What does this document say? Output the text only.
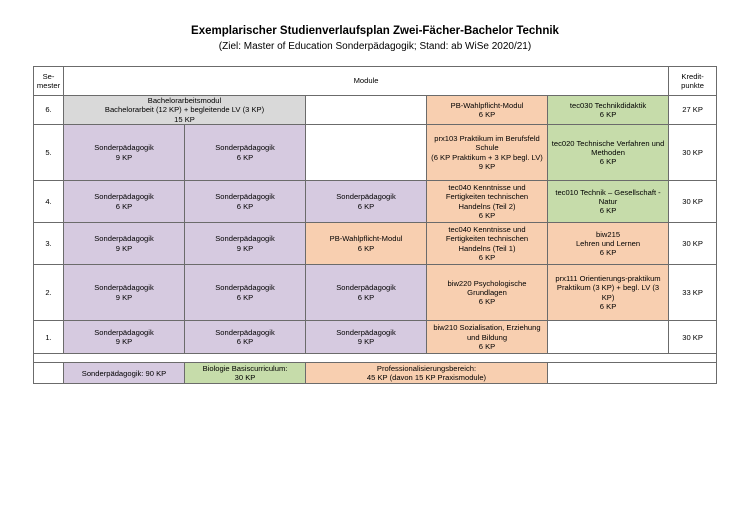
Exemplarischer Studienverlaufsplan Zwei-Fächer-Bachelor Technik
(Ziel: Master of Education Sonderpädagogik; Stand: ab WiSe 2020/21)
Se-
mester	Module					Kredit-
punkte

6.	Bachelorarbeitsmodul
Bachelorarbeit (12 KP) + begleitende LV (3 KP)
15 KP			PB-Wahlpflicht-Modul
6 KP	tec030 Technikdidaktik
6 KP	27 KP
5.	Sonderpädagogik
9 KP	Sonderpädagogik
6 KP		prx103 Praktikum im Berufsfeld Schule
(6 KP Praktikum + 3 KP begl. LV)
9 KP	tec020 Technische Verfahren und Methoden
6 KP	30 KP
4.	Sonderpädagogik
6 KP	Sonderpädagogik
6 KP	Sonderpädagogik
6 KP	tec040 Kenntnisse und Fertigkeiten technischen Handelns (Teil 2)
6 KP	tec010 Technik – Gesellschaft - Natur
6 KP	30 KP
3.	Sonderpädagogik
9 KP	Sonderpädagogik
9 KP	PB-Wahlpflicht-Modul
6 KP	tec040 Kenntnisse und Fertigkeiten technischen Handelns (Teil 1)
6 KP	biw215
Lehren und Lernen
6 KP	30 KP
2.	Sonderpädagogik
9 KP	Sonderpädagogik
6 KP	Sonderpädagogik
6 KP	biw220 Psychologische Grundlagen
6 KP	prx111 Orientierungs-praktikum
Praktikum (3 KP) + begl. LV (3 KP)
6 KP	33 KP
1.	Sonderpädagogik
9 KP	Sonderpädagogik
6 KP	Sonderpädagogik
9 KP	biw210 Sozialisation, Erziehung und Bildung
6 KP		30 KP

	Sonderpädagogik: 90 KP	Biologie Basiscurriculum:
30 KP	Professionalisierungsbereich:
45 KP (davon 15 KP Praxismodule)			
